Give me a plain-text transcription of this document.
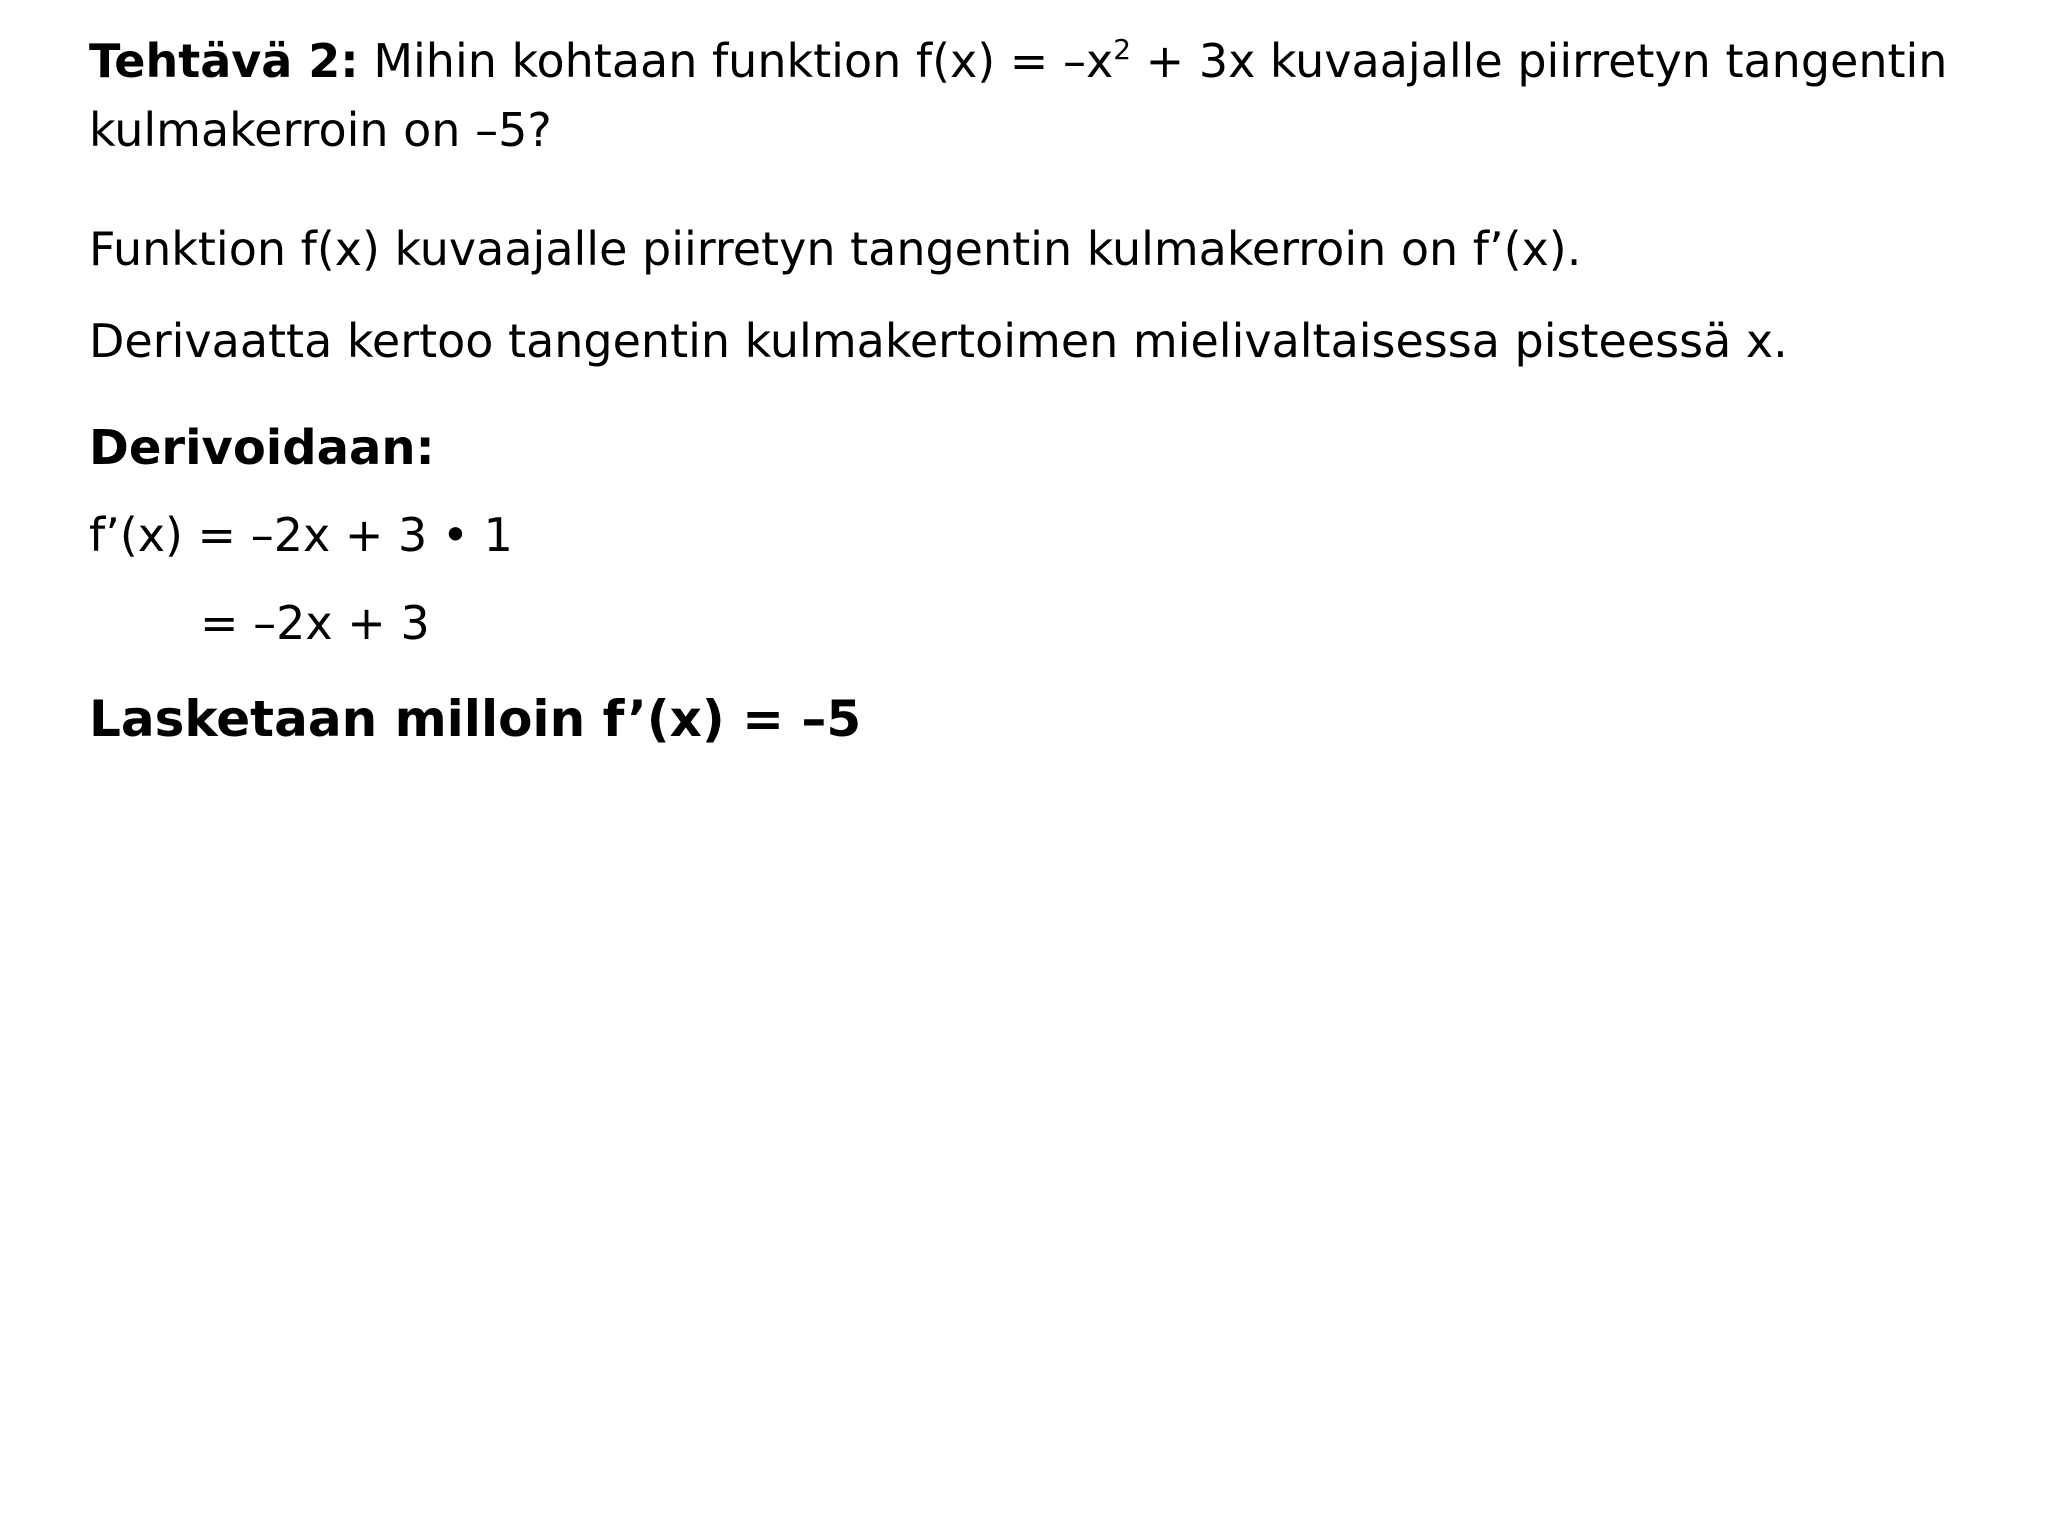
Tehtävä 2: Mihin kohtaan funktion $f(x) = -x^2 + 3x$ kuvaajalle piirretyn tangentin
kulmakerroin on –5?
Funktion f(x) kuvaajalle piirretyn tangentin kulmakerroin on f’(x).
Derivaatta kertoo tangentin kulmakertoimen mielivaltaisessa pisteessä x.
Derivoidaan:
f’(x) = –2x + 3 • 1
= –2x + 3
Lasketaan milloin f’(x) = –5
